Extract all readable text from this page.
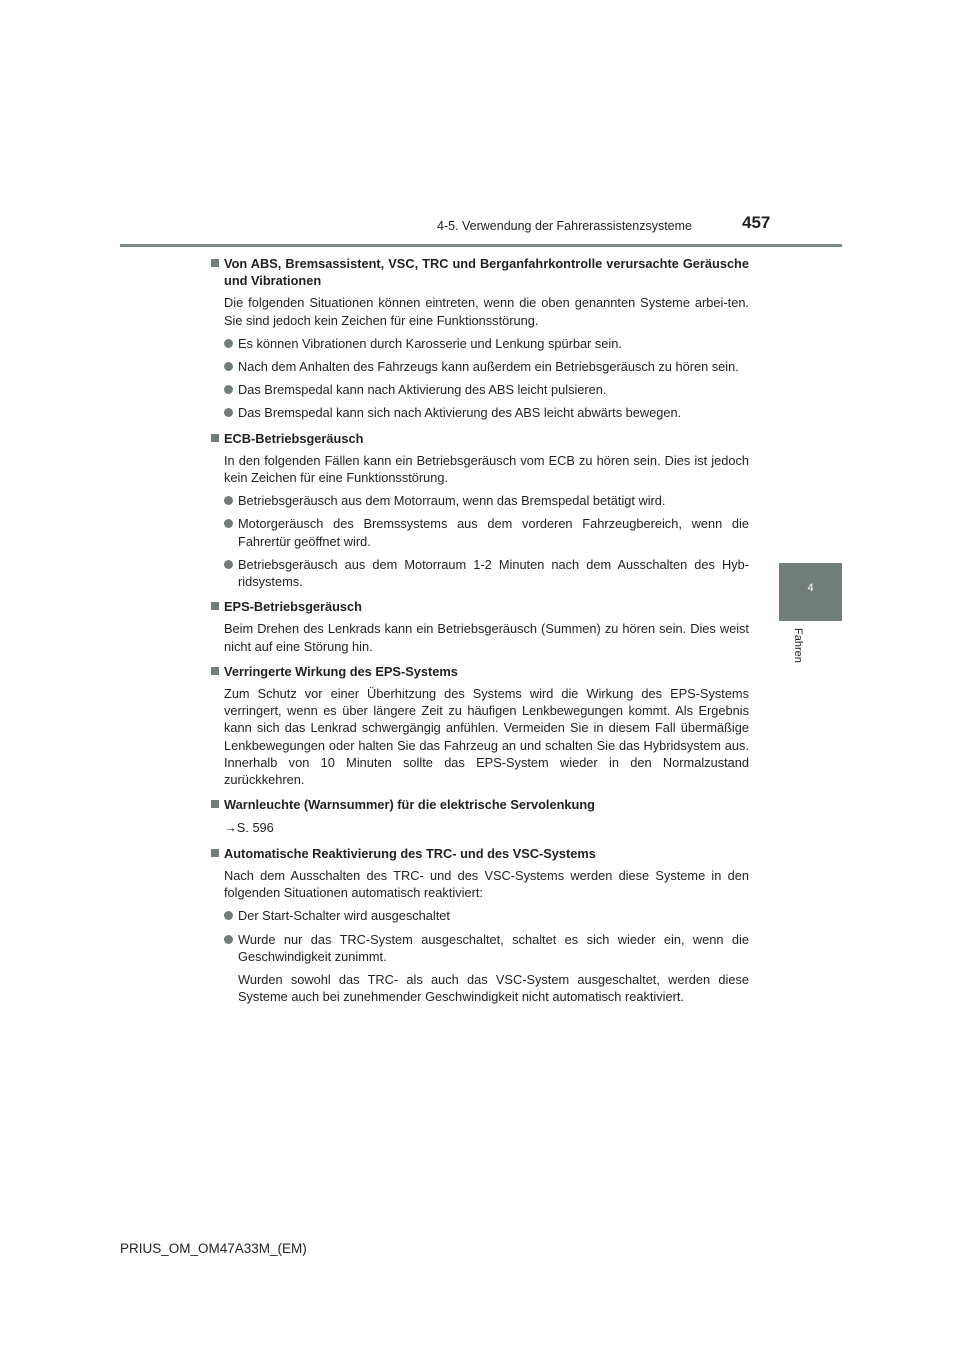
4-5. Verwendung der Fahrerassistenzsysteme	457
4
Fahren
Von ABS, Bremsassistent, VSC, TRC und Berganfahrkontrolle verursachte Geräusche und Vibrationen
Die folgenden Situationen können eintreten, wenn die oben genannten Systeme arbei-ten. Sie sind jedoch kein Zeichen für eine Funktionsstörung.
Es können Vibrationen durch Karosserie und Lenkung spürbar sein.
Nach dem Anhalten des Fahrzeugs kann außerdem ein Betriebsgeräusch zu hören sein.
Das Bremspedal kann nach Aktivierung des ABS leicht pulsieren.
Das Bremspedal kann sich nach Aktivierung des ABS leicht abwärts bewegen.
ECB-Betriebsgeräusch
In den folgenden Fällen kann ein Betriebsgeräusch vom ECB zu hören sein. Dies ist jedoch kein Zeichen für eine Funktionsstörung.
Betriebsgeräusch aus dem Motorraum, wenn das Bremspedal betätigt wird.
Motorgeräusch des Bremssystems aus dem vorderen Fahrzeugbereich, wenn die Fahrertür geöffnet wird.
Betriebsgeräusch aus dem Motorraum 1-2 Minuten nach dem Ausschalten des Hyb-ridsystems.
EPS-Betriebsgeräusch
Beim Drehen des Lenkrads kann ein Betriebsgeräusch (Summen) zu hören sein. Dies weist nicht auf eine Störung hin.
Verringerte Wirkung des EPS-Systems
Zum Schutz vor einer Überhitzung des Systems wird die Wirkung des EPS-Systems verringert, wenn es über längere Zeit zu häufigen Lenkbewegungen kommt. Als Ergebnis kann sich das Lenkrad schwergängig anfühlen. Vermeiden Sie in diesem Fall übermäßige Lenkbewegungen oder halten Sie das Fahrzeug an und schalten Sie das Hybridsystem aus. Innerhalb von 10 Minuten sollte das EPS-System wieder in den Normalzustand zurückkehren.
Warnleuchte (Warnsummer) für die elektrische Servolenkung
→S. 596
Automatische Reaktivierung des TRC- und des VSC-Systems
Nach dem Ausschalten des TRC- und des VSC-Systems werden diese Systeme in den folgenden Situationen automatisch reaktiviert:
Der Start-Schalter wird ausgeschaltet
Wurde nur das TRC-System ausgeschaltet, schaltet es sich wieder ein, wenn die Geschwindigkeit zunimmt.
Wurden sowohl das TRC- als auch das VSC-System ausgeschaltet, werden diese Systeme auch bei zunehmender Geschwindigkeit nicht automatisch reaktiviert.
PRIUS_OM_OM47A33M_(EM)
